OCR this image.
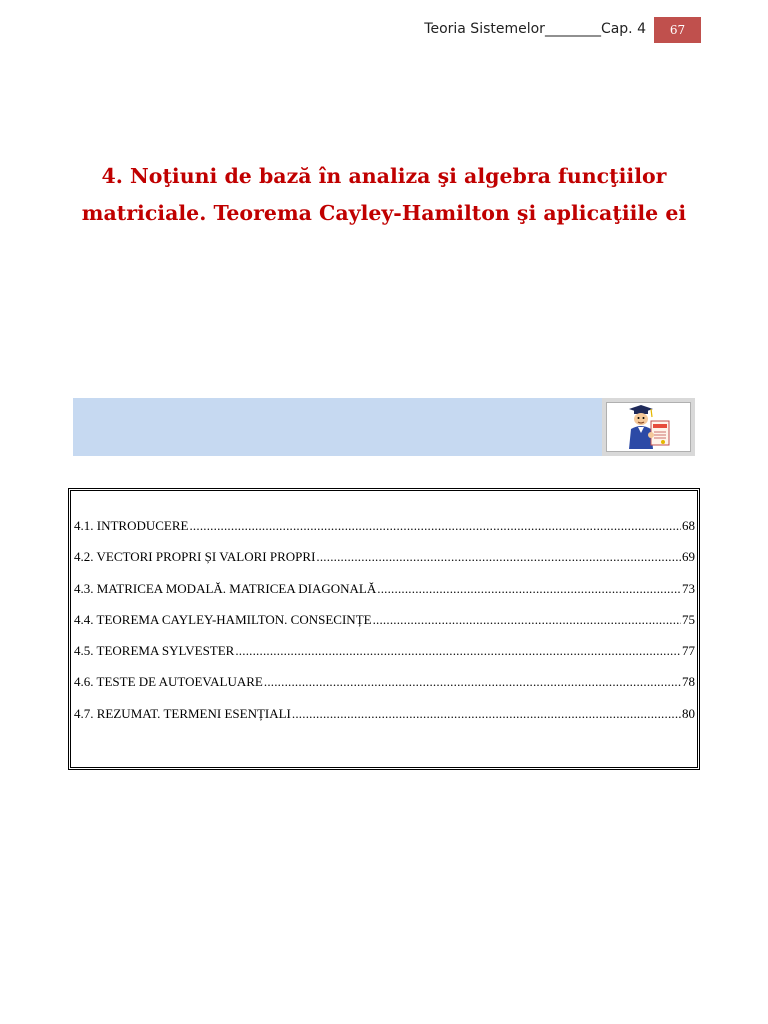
Teoria Sistemelor________Cap. 4	67
4. Noţiuni de bază în analiza şi algebra funcţiilor
matriciale. Teorema Cayley-Hamilton şi aplicaţiile ei
4.1. INTRODUCERE .....	68
4.2. VECTORI PROPRI ȘI VALORI PROPRI .....	69
4.3. MATRICEA MODALĂ. MATRICEA DIAGONALĂ .....	73
4.4. TEOREMA CAYLEY-HAMILTON. CONSECINȚE .....	75
4.5. TEOREMA SYLVESTER .....	77
4.6. TESTE DE AUTOEVALUARE .....	78
4.7. REZUMAT. TERMENI ESENȚIALI .....	80
